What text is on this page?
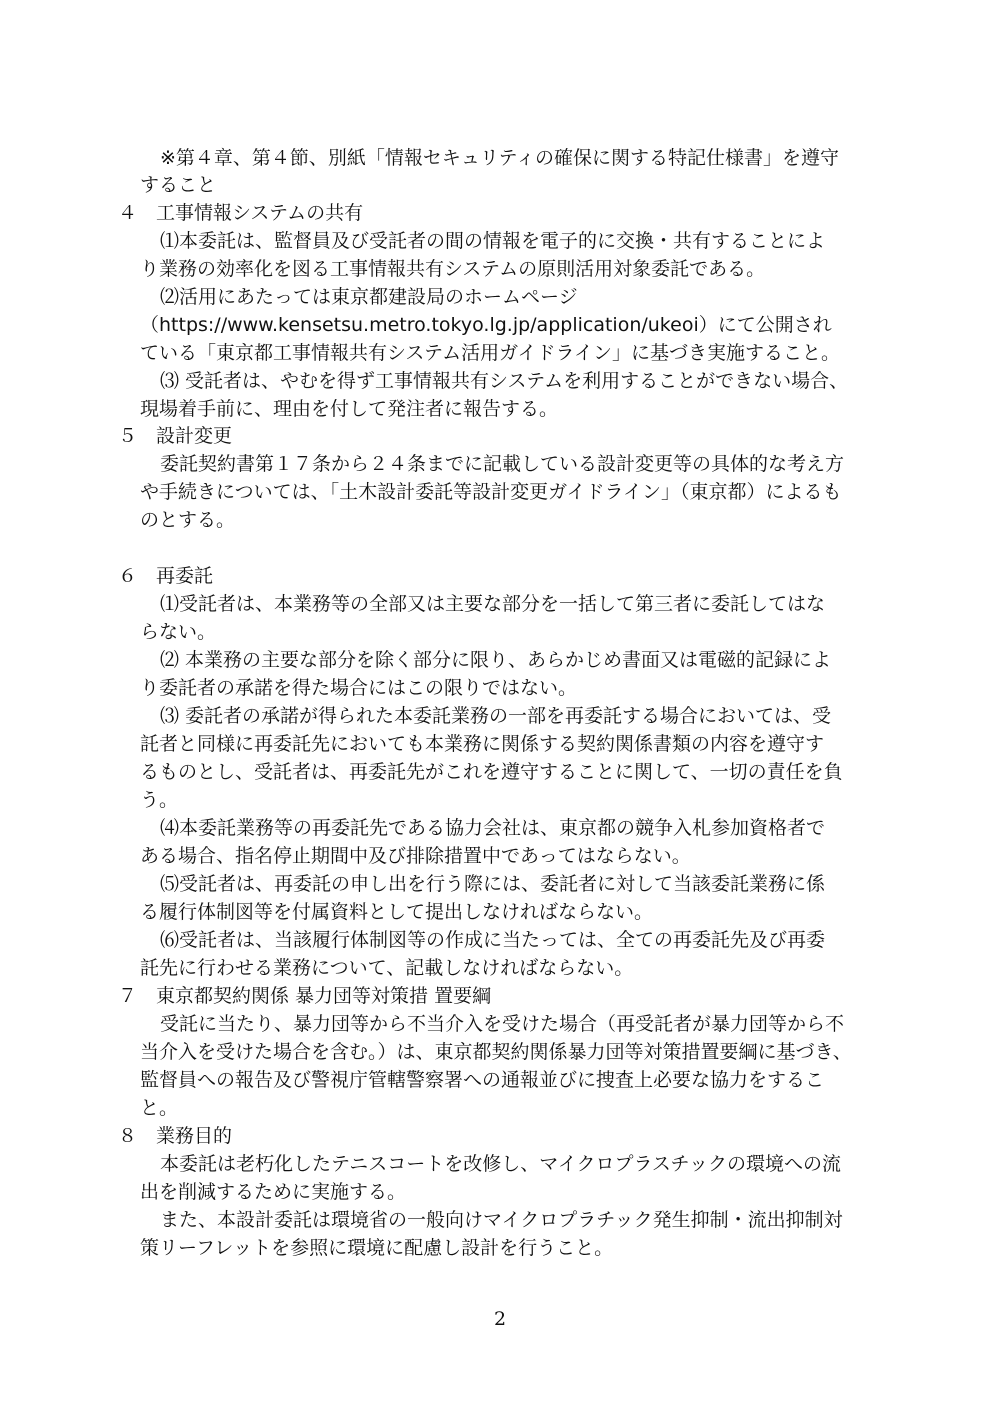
※第４章、第４節、別紙「情報セキュリティの確保に関する特記仕様書」を遵守
すること
４　工事情報システムの共有
⑴本委託は、監督員及び受託者の間の情報を電子的に交換・共有することによ
り業務の効率化を図る工事情報共有システムの原則活用対象委託である。
⑵活用にあたっては東京都建設局のホームページ
（https://www.kensetsu.metro.tokyo.lg.jp/application/ukeoi）にて公開され
ている「東京都工事情報共有システム活用ガイドライン」に基づき実施すること。
⑶ 受託者は、やむを得ず工事情報共有システムを利用することができない場合、
現場着手前に、理由を付して発注者に報告する。
５　設計変更
委託契約書第１７条から２４条までに記載している設計変更等の具体的な考え方
や手続きについては、「土木設計委託等設計変更ガイドライン」（東京都）によるも
のとする。
６　再委託
⑴受託者は、本業務等の全部又は主要な部分を一括して第三者に委託してはな
らない。
⑵ 本業務の主要な部分を除く部分に限り、あらかじめ書面又は電磁的記録によ
り委託者の承諾を得た場合にはこの限りではない。
⑶ 委託者の承諾が得られた本委託業務の一部を再委託する場合においては、受
託者と同様に再委託先においても本業務に関係する契約関係書類の内容を遵守す
るものとし、受託者は、再委託先がこれを遵守することに関して、一切の責任を負
う。
⑷本委託業務等の再委託先である協力会社は、東京都の競争入札参加資格者で
ある場合、指名停止期間中及び排除措置中であってはならない。
⑸受託者は、再委託の申し出を行う際には、委託者に対して当該委託業務に係
る履行体制図等を付属資料として提出しなければならない。
⑹受託者は、当該履行体制図等の作成に当たっては、全ての再委託先及び再委
託先に行わせる業務について、記載しなければならない。
７　東京都契約関係 暴力団等対策措 置要綱
受託に当たり、暴力団等から不当介入を受けた場合（再受託者が暴力団等から不
当介入を受けた場合を含む。）は、東京都契約関係暴力団等対策措置要綱に基づき、
監督員への報告及び警視庁管轄警察署への通報並びに捜査上必要な協力をするこ
と。
８　業務目的
本委託は老朽化したテニスコートを改修し、マイクロプラスチックの環境への流
出を削減するために実施する。
また、本設計委託は環境省の一般向けマイクロプラチック発生抑制・流出抑制対
策リーフレットを参照に環境に配慮し設計を行うこと。
2
